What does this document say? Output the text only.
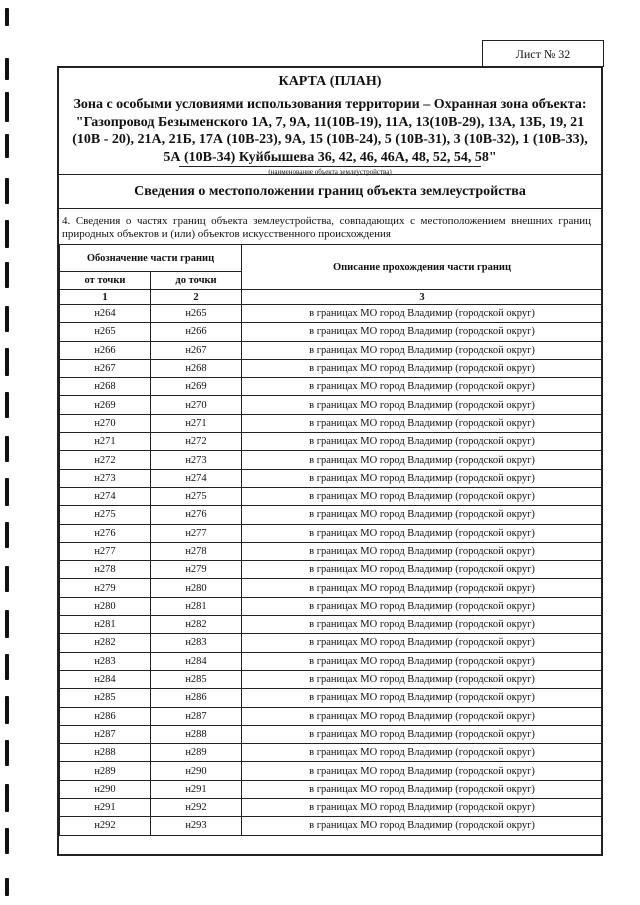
Лист № 32
КАРТА (ПЛАН)
Зона с особыми условиями использования территории – Охранная зона объекта:
"Газопровод Безыменского 1А, 7, 9А, 11(10В-19), 11А, 13(10В-29), 13А, 13Б, 19, 21
(10В - 20), 21А, 21Б, 17А (10В-23), 9А, 15 (10В-24), 5 (10В-31), 3 (10В-32), 1 (10В-33),
5А (10В-34) Куйбышева 36, 42, 46, 46А, 48, 52, 54, 58"
(наименование объекта землеустройства)
Сведения о местоположении границ объекта землеустройства
4. Сведения о частях границ объекта землеустройства, совпадающих с местоположением внешних границ природных объектов и (или) объектов искусственного происхождения
Обозначение части границ		Описание прохождения части границ
от точки	до точки	
1	2	3
н264	н265	в границах МО город Владимир (городской округ)
н265	н266	в границах МО город Владимир (городской округ)
н266	н267	в границах МО город Владимир (городской округ)
н267	н268	в границах МО город Владимир (городской округ)
н268	н269	в границах МО город Владимир (городской округ)
н269	н270	в границах МО город Владимир (городской округ)
н270	н271	в границах МО город Владимир (городской округ)
н271	н272	в границах МО город Владимир (городской округ)
н272	н273	в границах МО город Владимир (городской округ)
н273	н274	в границах МО город Владимир (городской округ)
н274	н275	в границах МО город Владимир (городской округ)
н275	н276	в границах МО город Владимир (городской округ)
н276	н277	в границах МО город Владимир (городской округ)
н277	н278	в границах МО город Владимир (городской округ)
н278	н279	в границах МО город Владимир (городской округ)
н279	н280	в границах МО город Владимир (городской округ)
н280	н281	в границах МО город Владимир (городской округ)
н281	н282	в границах МО город Владимир (городской округ)
н282	н283	в границах МО город Владимир (городской округ)
н283	н284	в границах МО город Владимир (городской округ)
н284	н285	в границах МО город Владимир (городской округ)
н285	н286	в границах МО город Владимир (городской округ)
н286	н287	в границах МО город Владимир (городской округ)
н287	н288	в границах МО город Владимир (городской округ)
н288	н289	в границах МО город Владимир (городской округ)
н289	н290	в границах МО город Владимир (городской округ)
н290	н291	в границах МО город Владимир (городской округ)
н291	н292	в границах МО город Владимир (городской округ)
н292	н293	в границах МО город Владимир (городской округ)
